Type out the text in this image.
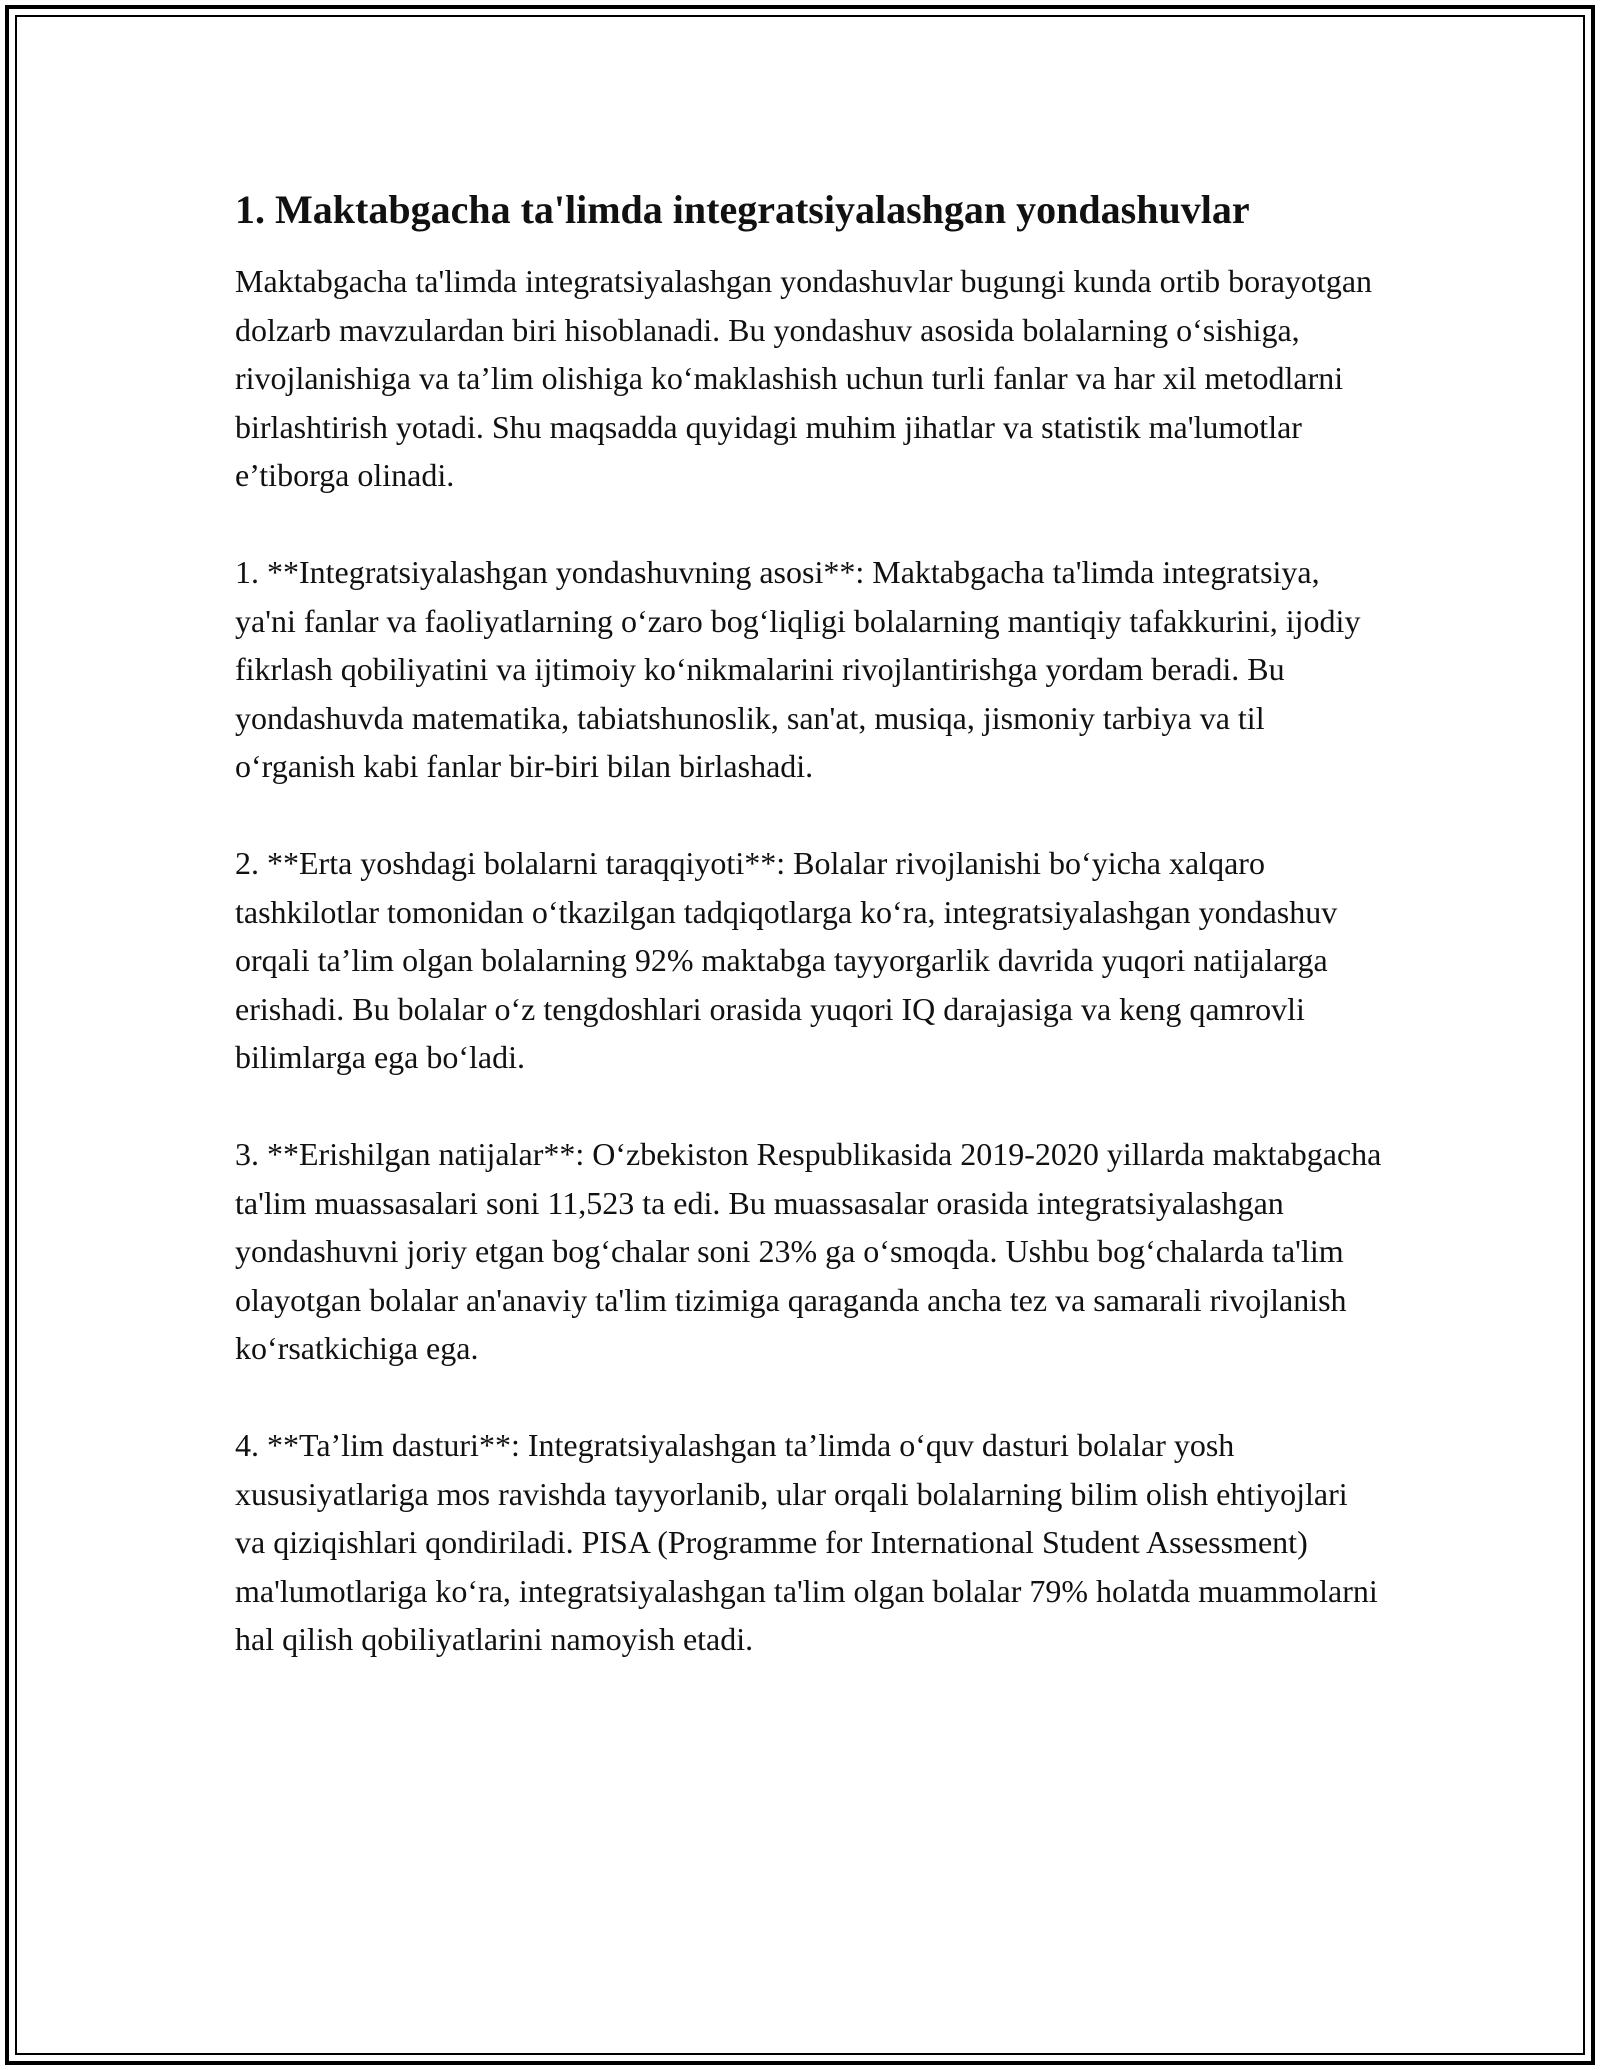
1. Maktabgacha ta'limda integratsiyalashgan yondashuvlar

Maktabgacha ta'limda integratsiyalashgan yondashuvlar bugungi kunda ortib borayotgan dolzarb mavzulardan biri hisoblanadi. Bu yondashuv asosida bolalarning oʻsishiga, rivojlanishiga va ta’lim olishiga koʻmaklashish uchun turli fanlar va har xil metodlarni birlashtirish yotadi. Shu maqsadda quyidagi muhim jihatlar va statistik ma'lumotlar e’tiborga olinadi.

1. **Integratsiyalashgan yondashuvning asosi**: Maktabgacha ta'limda integratsiya, ya'ni fanlar va faoliyatlarning oʻzaro bogʻliqligi bolalarning mantiqiy tafakkurini, ijodiy fikrlash qobiliyatini va ijtimoiy koʻnikmalarini rivojlantirishga yordam beradi. Bu yondashuvda matematika, tabiatshunoslik, san'at, musiqa, jismoniy tarbiya va til oʻrganish kabi fanlar bir-biri bilan birlashadi.

2. **Erta yoshdagi bolalarni taraqqiyoti**: Bolalar rivojlanishi boʻyicha xalqaro tashkilotlar tomonidan oʻtkazilgan tadqiqotlarga koʻra, integratsiyalashgan yondashuv orqali ta’lim olgan bolalarning 92% maktabga tayyorgarlik davrida yuqori natijalarga erishadi. Bu bolalar oʻz tengdoshlari orasida yuqori IQ darajasiga va keng qamrovli bilimlarga ega boʻladi.

3. **Erishilgan natijalar**: Oʻzbekiston Respublikasida 2019-2020 yillarda maktabgacha ta'lim muassasalari soni 11,523 ta edi. Bu muassasalar orasida integratsiyalashgan yondashuvni joriy etgan bogʻchalar soni 23% ga oʻsmoqda. Ushbu bogʻchalarda ta'lim olayotgan bolalar an'anaviy ta'lim tizimiga qaraganda ancha tez va samarali rivojlanish koʻrsatkichiga ega.

4. **Ta’lim dasturi**: Integratsiyalashgan ta’limda oʻquv dasturi bolalar yosh xususiyatlariga mos ravishda tayyorlanib, ular orqali bolalarning bilim olish ehtiyojlari va qiziqishlari qondiriladi. PISA (Programme for International Student Assessment) ma'lumotlariga koʻra, integratsiyalashgan ta'lim olgan bolalar 79% holatda muammolarni hal qilish qobiliyatlarini namoyish etadi.
